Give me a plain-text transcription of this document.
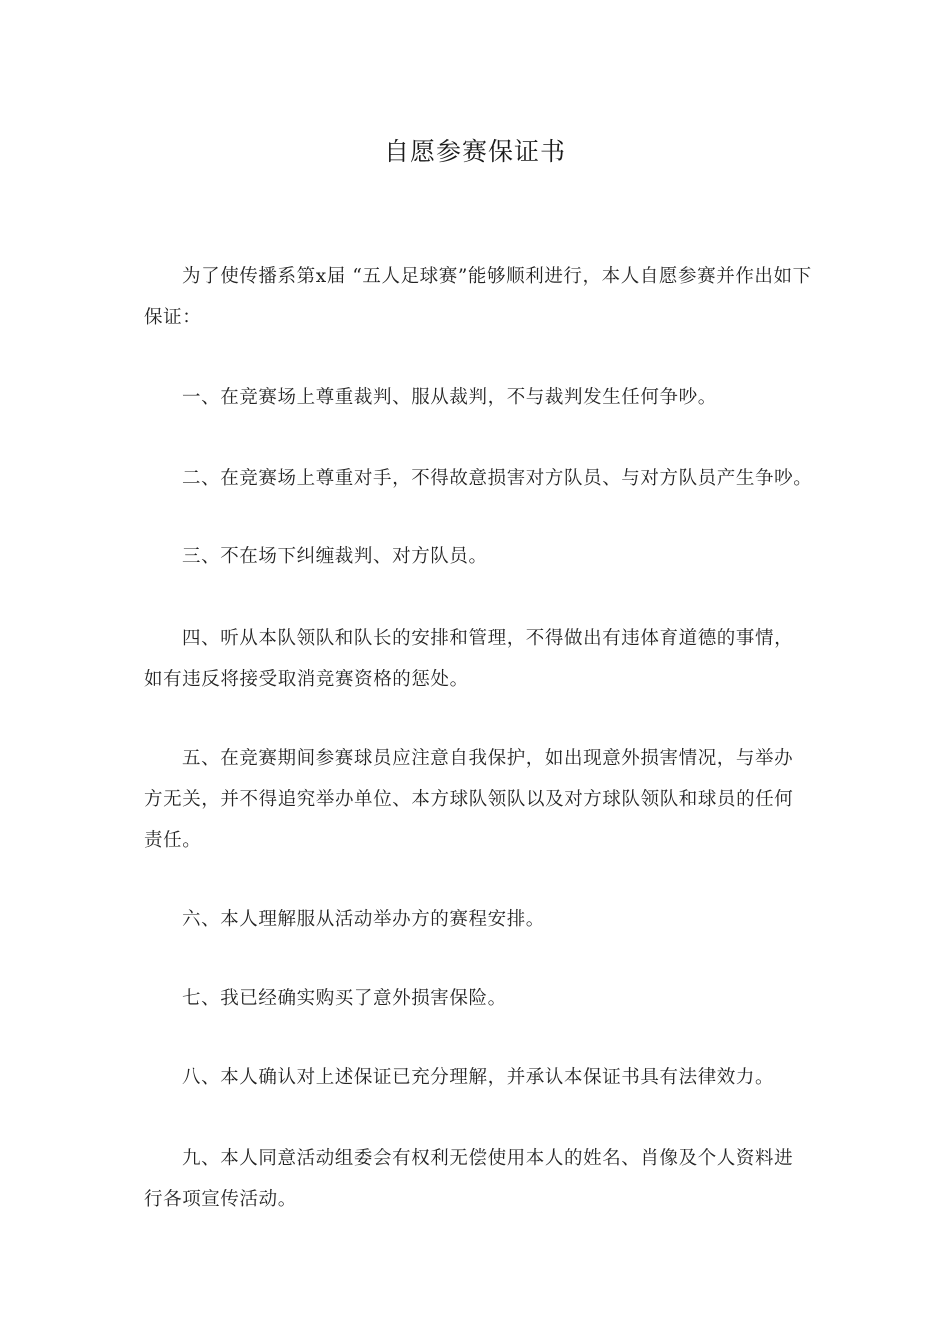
自愿参赛保证书

为了使传播系第x届 “五人足球赛”能够顺利进行，本人自愿参赛并作出如下保证：

一、在竞赛场上尊重裁判、服从裁判，不与裁判发生任何争吵。

二、在竞赛场上尊重对手，不得故意损害对方队员、与对方队员产生争吵。

三、不在场下纠缠裁判、对方队员。

四、听从本队领队和队长的安排和管理，不得做出有违体育道德的事情，如有违反将接受取消竞赛资格的惩处。

五、在竞赛期间参赛球员应注意自我保护，如出现意外损害情况，与举办方无关，并不得追究举办单位、本方球队领队以及对方球队领队和球员的任何责任。

六、本人理解服从活动举办方的赛程安排。

七、我已经确实购买了意外损害保险。

八、本人确认对上述保证已充分理解，并承认本保证书具有法律效力。

九、本人同意活动组委会有权利无偿使用本人的姓名、肖像及个人资料进行各项宣传活动。
